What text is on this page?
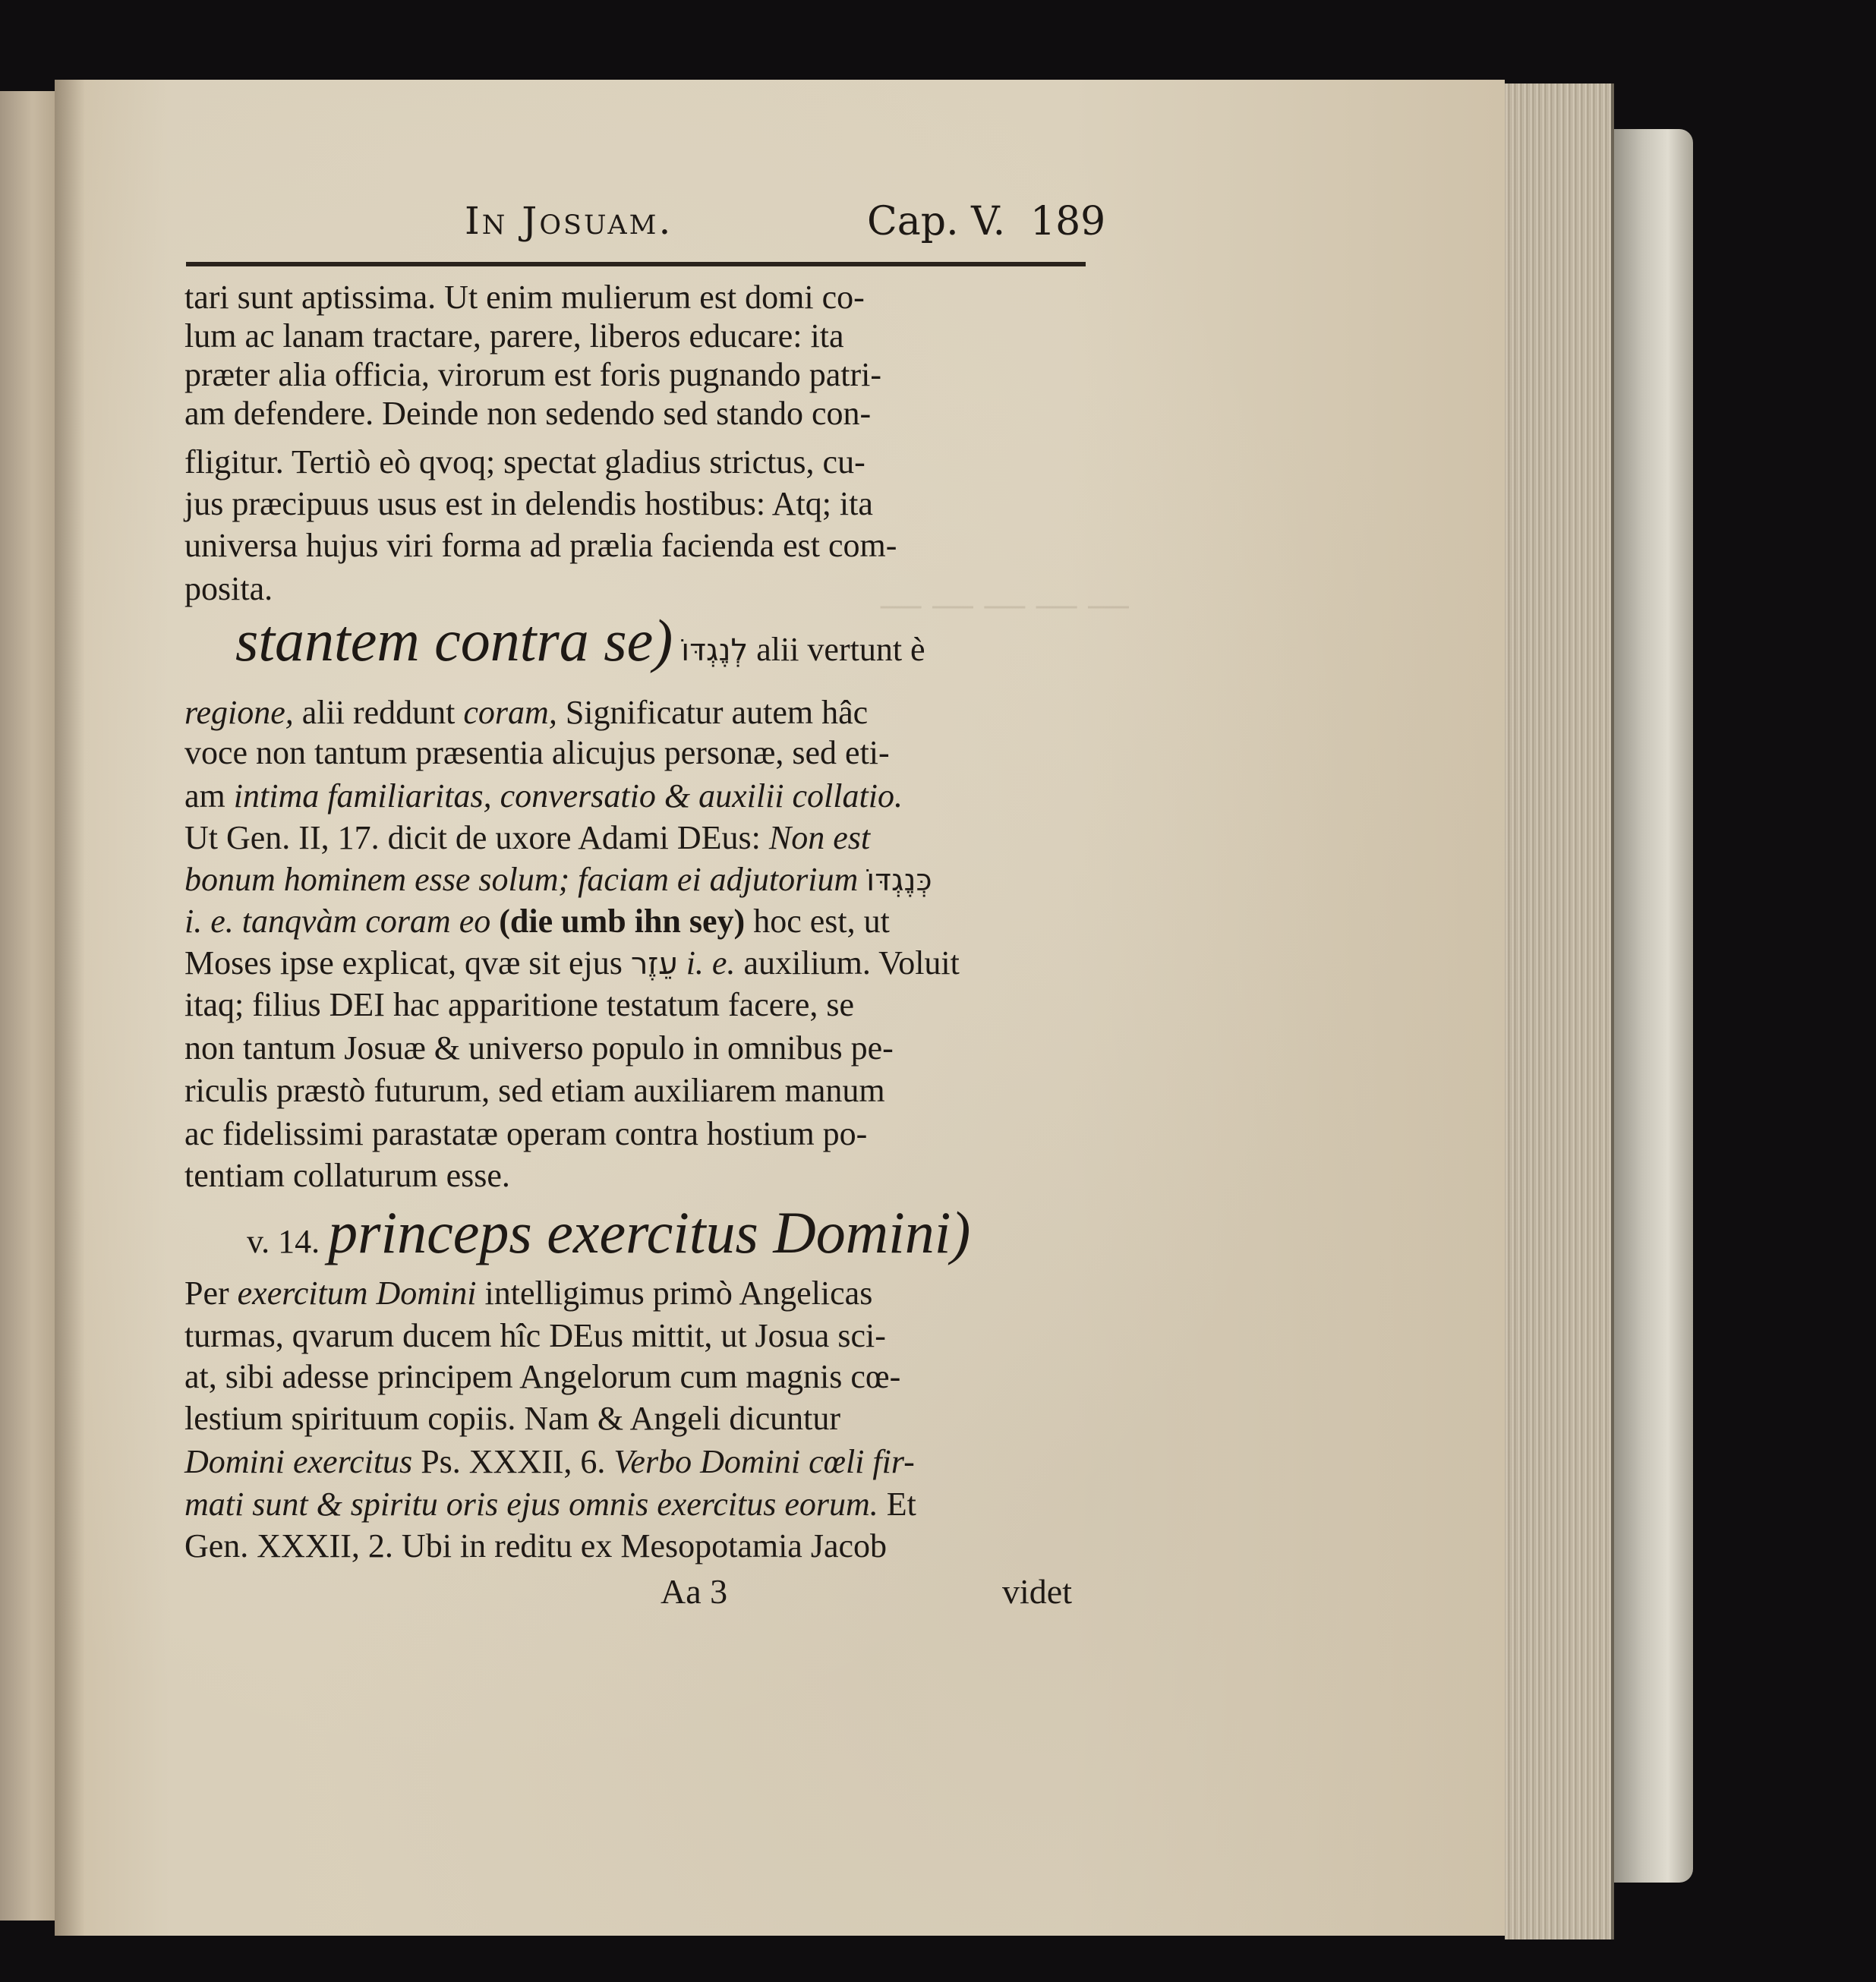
— — — — —
In Josuam.	Cap. V. 189
tari sunt aptissima. Ut enim mulierum est domi co-
lum ac lanam tractare, parere, liberos educare: ita
præter alia officia, virorum est foris pugnando patri-
am defendere. Deinde non sedendo sed stando con-
fligitur. Tertiò eò qvoq; spectat gladius strictus, cu-
jus præcipuus usus est in delendis hostibus: Atq; ita
universa hujus viri forma ad prælia facienda est com-
posita.
stantem contra se) לְנֶגְדּוֹ alii vertunt è
regione, alii reddunt coram, Significatur autem hâc
voce non tantum præsentia alicujus personæ, sed eti-
am intima familiaritas, conversatio & auxilii collatio.
Ut Gen. II, 17. dicit de uxore Adami DEus: Non est
bonum hominem esse solum; faciam ei adjutorium כְּנֶגְדּוֹ
i. e. tanqvàm coram eo (die umb ihn sey) hoc est, ut
Moses ipse explicat, qvæ sit ejus עֵזֶר i. e. auxilium. Voluit
itaq; filius DEI hac apparitione testatum facere, se
non tantum Josuæ & universo populo in omnibus pe-
riculis præstò futurum, sed etiam auxiliarem manum
ac fidelissimi parastatæ operam contra hostium po-
tentiam collaturum esse.
v. 14. princeps exercitus Domini)
Per exercitum Domini intelligimus primò Angelicas
turmas, qvarum ducem hîc DEus mittit, ut Josua sci-
at, sibi adesse principem Angelorum cum magnis cœ-
lestium spirituum copiis. Nam & Angeli dicuntur
Domini exercitus Ps. XXXII, 6. Verbo Domini cœli fir-
mati sunt & spiritu oris ejus omnis exercitus eorum. Et
Gen. XXXII, 2. Ubi in reditu ex Mesopotamia Jacob
Aa 3	videt
